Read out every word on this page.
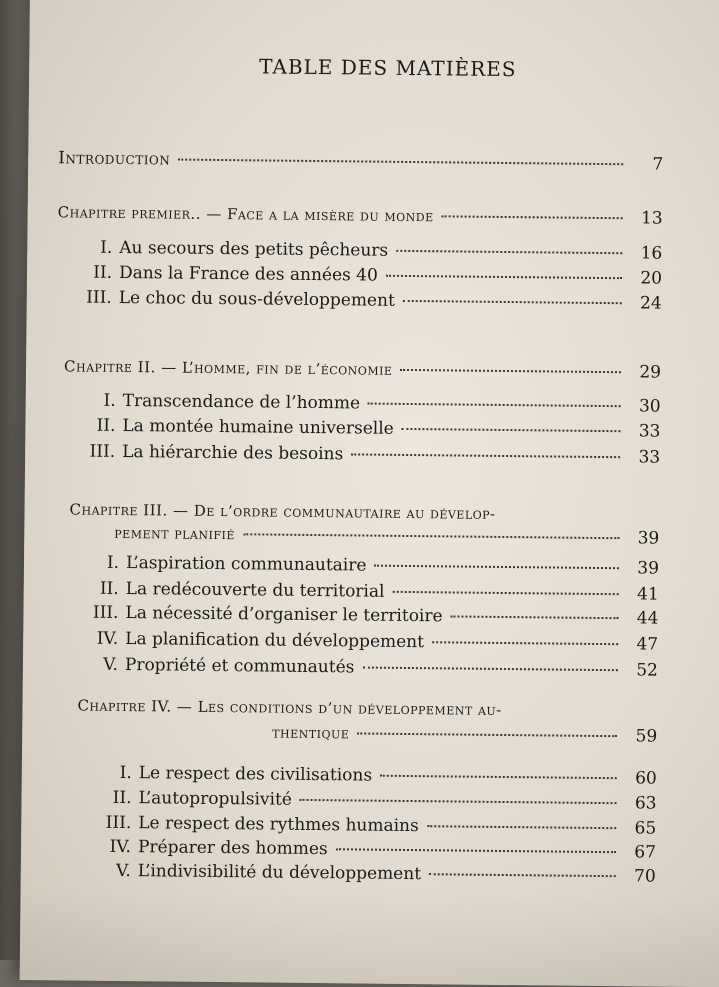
TABLE DES MATIÈRES
Introduction	7
Chapitre premier.. — Face a la misère du monde	13
I. Au secours des petits pêcheurs	16
II. Dans la France des années 40	20
III. Le choc du sous-développement	24
Chapitre II. — L’homme, fin de l’économie	29
I. Transcendance de l’homme	30
II. La montée humaine universelle	33
III. La hiérarchie des besoins	33
Chapitre III. — De l’ordre communautaire au dévelop-
pement planifié	39
I. L’aspiration communautaire	39
II. La redécouverte du territorial	41
III. La nécessité d’organiser le territoire	44
IV. La planification du développement	47
V. Propriété et communautés	52
Chapitre IV. — Les conditions d’un développement au-
thentique	59
I. Le respect des civilisations	60
II. L’autopropulsivité	63
III. Le respect des rythmes humains	65
IV. Préparer des hommes	67
V. L’indivisibilité du développement	70
